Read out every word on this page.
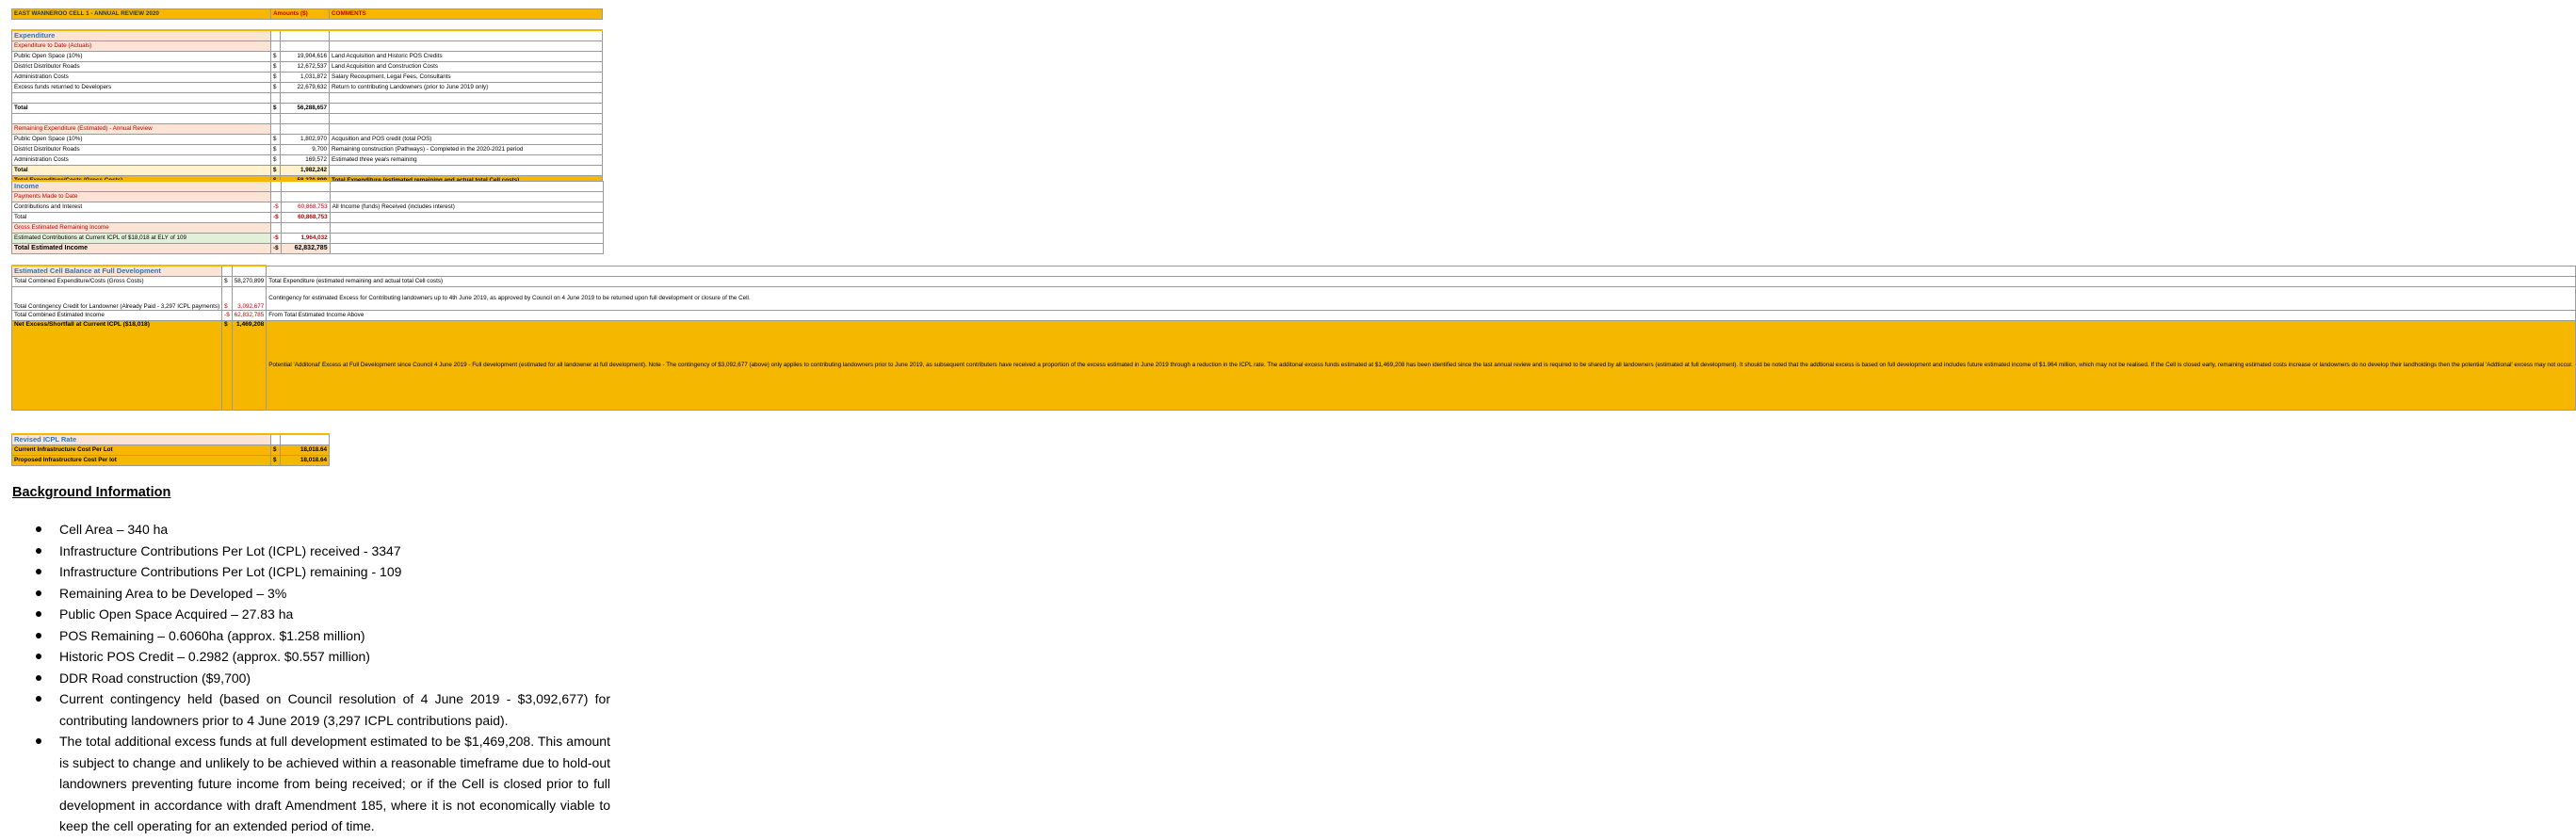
EAST WANNEROO CELL 1 - ANNUAL REVIEW 2020	Amounts ($)		COMMENTS

Expenditure			
Expenditure to Date (Actuals)			
Public Open Space (10%)	$	19,904,616	Land Acquisition and Historic POS Credits
District Distributor Roads	$	12,672,537	Land Acquisition and Construction Costs
Administration Costs	$	1,031,872	Salary Recoupment, Legal Fees, Consultants
Excess funds returned to Developers	$	22,679,632	Return to contributing Landowners (prior to June 2019 only)

Total	$	56,288,657	

Remaining Expenditure (Estimated) - Annual Review			
Public Open Space (10%)	$	1,802,970	Acqusition and POS credit (total POS)
District Distributor Roads	$	9,700	Remaining construction (Pathways) - Completed in the 2020-2021 period
Administration Costs	$	169,572	Estimated three years remaining
Total	$	1,982,242	

Income			
Payments Made to Date			
Contributions and Interest	-$	60,868,753	All Income (funds) Received (includes interest)
Total	-$	60,868,753	
Gross Estimated Remaining Income			
Estimated Contributions at Current ICPL of $18,018 at ELY of 109	-$	1,964,032	
Total Estimated Income	-$	62,832,785	
Estimated Cell Balance at Full Development			
Total Combined Expenditure/Costs (Gross Costs)	$	58,270,899	Total Expenditure (estimated remaining and actual total Cell costs)
Total Contingency Credit for Landowner (Already Paid - 3,297 ICPL payments)	$	3,092,677	Contingency for estimated Excess for Contributing landowners up to 4th June 2019, as approved by Council on 4 June 2019 to be returned upon full development or closure of the Cell.
Total Combined Estimated Income	-$	62,832,785	From Total Estimated Income Above
Net Excess/Shortfall at Current ICPL ($18,018)	$	1,469,208	Potential 'Additonal' Excess at Full Development since Council 4 June 2019 - Full development (estimated for all landowner at full development). Note - The contingency of $3,092,677 (above) only applies to contributing landowners prior to June 2019, as subsequent contributers have received a proportion of the excess estimated in June 2019 through a reduction in the ICPL rate. The additonal excess funds estimated at $1,469,208 has been identified since the last annual review and is required to be shared by all landowners (estimated at full development). It should be noted that the addtional excess is based on full development and includes future estimated income of $1.964 million, which may not be realised. If the Cell is closed early, remaining estimated costs increase or landowners do no develop their landholdings then the potential 'Addtional' excess may not occur.
Revised ICPL Rate		
Current Infrastructure Cost Per Lot	$	18,018.64
Proposed Infrastructure Cost Per lot	$	18,018.64
Background Information
Cell Area – 340 ha
Infrastructure Contributions Per Lot (ICPL) received - 3347
Infrastructure Contributions Per Lot (ICPL) remaining - 109
Remaining Area to be Developed – 3%
Public Open Space Acquired – 27.83 ha
POS Remaining – 0.6060ha (approx. $1.258 million)
Historic POS Credit – 0.2982 (approx. $0.557 million)
DDR Road construction ($9,700)
Current contingency held (based on Council resolution of 4 June 2019 - $3,092,677) for contributing landowners prior to 4 June 2019 (3,297 ICPL contributions paid).
The total additional excess funds at full development estimated to be $1,469,208. This amount is subject to change and unlikely to be achieved within a reasonable timeframe due to hold-out landowners preventing future income from being received; or if the Cell is closed prior to full development in accordance with draft Amendment 185, where it is not economically viable to keep the cell operating for an extended period of time.
